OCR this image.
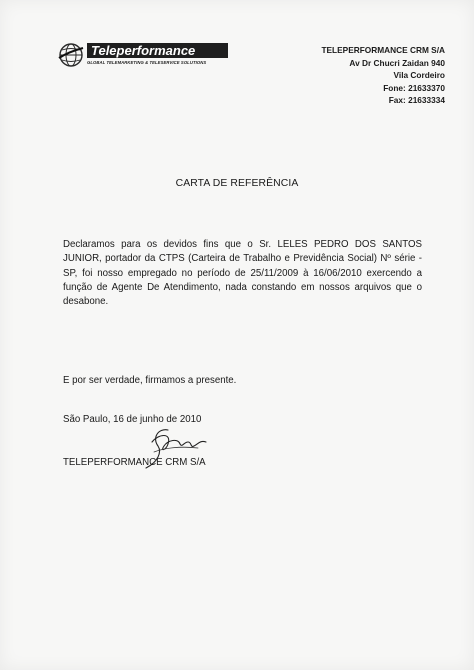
Teleperformance
GLOBAL TELEMARKETING & TELESERVICE SOLUTIONS
TELEPERFORMANCE CRM S/A
Av Dr Chucri Zaidan 940
Vila Cordeiro
Fone: 21633370
Fax: 21633334
CARTA DE REFERÊNCIA
Declaramos para os devidos fins que o Sr. LELES PEDRO DOS SANTOS JUNIOR, portador da CTPS (Carteira de Trabalho e Previdência Social) Nº série - SP, foi nosso empregado no período de 25/11/2009 à 16/06/2010 exercendo a função de Agente De Atendimento, nada constando em nossos arquivos que o desabone.
E por ser verdade, firmamos a presente.
São Paulo, 16 de junho de 2010
TELEPERFORMANCE CRM S/A
